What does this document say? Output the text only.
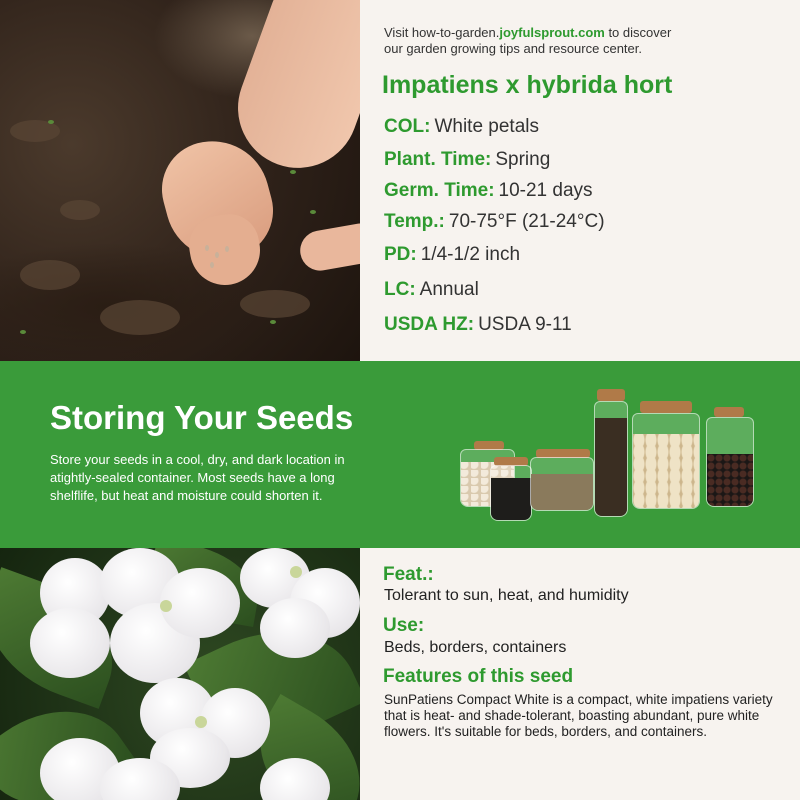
Visit how-to-garden.joyfulsprout.com to discover
our garden growing tips and resource center.
Impatiens x hybrida hort
COL: White petals
Plant. Time: Spring
Germ. Time: 10-21 days
Temp.: 70-75°F (21-24°C)
PD: 1/4-1/2 inch
LC: Annual
USDA HZ: USDA 9-11
Storing Your Seeds
Store your seeds in a cool, dry, and dark location in atightly-sealed container. Most seeds have a long shelflife, but heat and moisture could shorten it.
Feat.:
Tolerant to sun, heat, and humidity
Use:
Beds, borders, containers
Features of this seed
SunPatiens Compact White is a compact, white impatiens variety that is heat- and shade-tolerant, boasting abundant, pure white flowers. It's suitable for beds, borders, and containers.
